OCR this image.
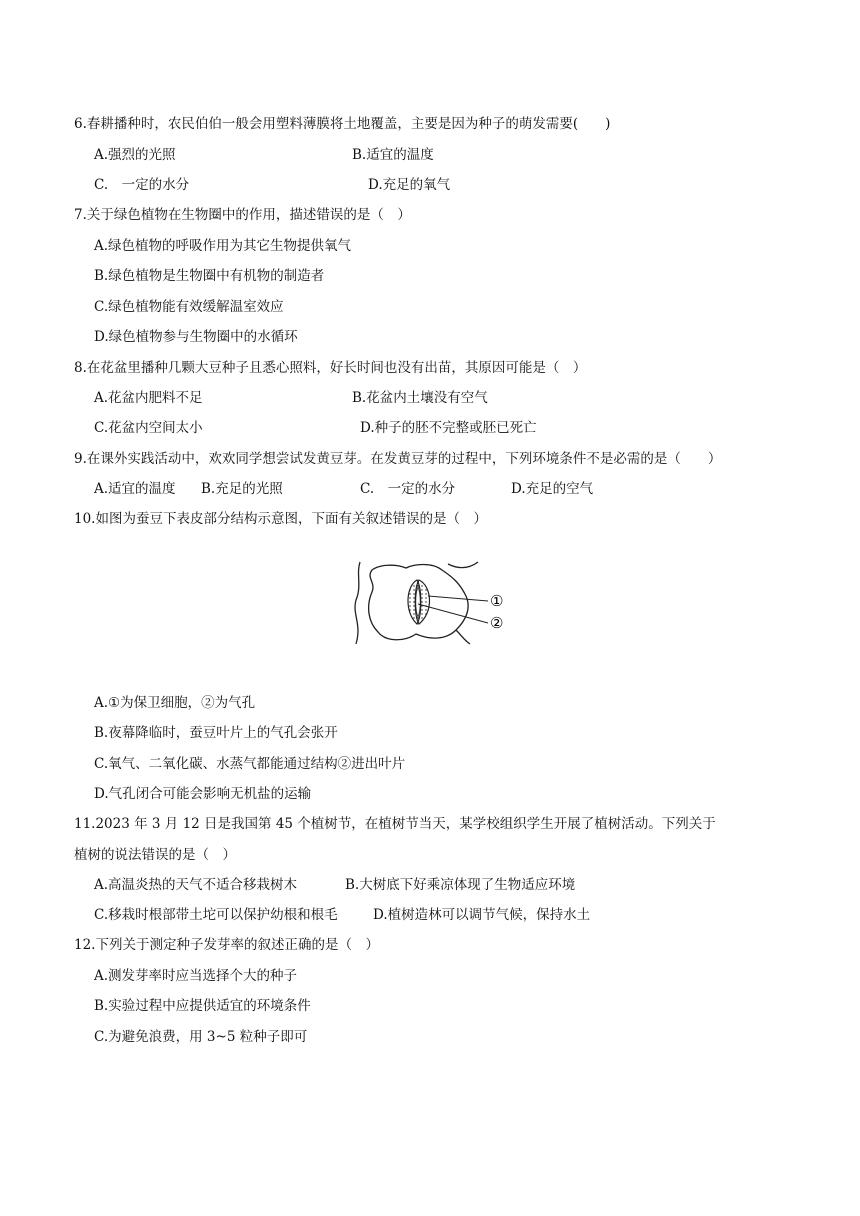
6.春耕播种时，农民伯伯一般会用塑料薄膜将土地覆盖，主要是因为种子的萌发需要(　　)
A.强烈的光照	B.适宜的温度
C.　一定的水分	D.充足的氧气
7.关于绿色植物在生物圈中的作用，描述错误的是（　）
A.绿色植物的呼吸作用为其它生物提供氧气
B.绿色植物是生物圈中有机物的制造者
C.绿色植物能有效缓解温室效应
D.绿色植物参与生物圈中的水循环
8.在花盆里播种几颗大豆种子且悉心照料，好长时间也没有出苗，其原因可能是（　）
A.花盆内肥料不足	B.花盆内土壤没有空气
C.花盆内空间太小	D.种子的胚不完整或胚已死亡
9.在课外实践活动中，欢欢同学想尝试发黄豆芽。在发黄豆芽的过程中，下列环境条件不是必需的是（　　）
A.适宜的温度 B.充足的光照	C.　一定的水分	D.充足的空气
10.如图为蚕豆下表皮部分结构示意图，下面有关叙述错误的是（　）
①
②
A.①为保卫细胞，②为气孔
B.夜幕降临时，蚕豆叶片上的气孔会张开
C.氧气、二氧化碳、水蒸气都能通过结构②进出叶片
D.气孔闭合可能会影响无机盐的运输
11.2023 年 3 月 12 日是我国第 45 个植树节，在植树节当天，某学校组织学生开展了植树活动。下列关于
植树的说法错误的是（　）
A.高温炎热的天气不适合移栽树木	B.大树底下好乘凉体现了生物适应环境
C.移栽时根部带土坨可以保护幼根和根毛	D.植树造林可以调节气候，保持水土
12.下列关于测定种子发芽率的叙述正确的是（　）
A.测发芽率时应当选择个大的种子
B.实验过程中应提供适宜的环境条件
C.为避免浪费，用 3~5 粒种子即可
